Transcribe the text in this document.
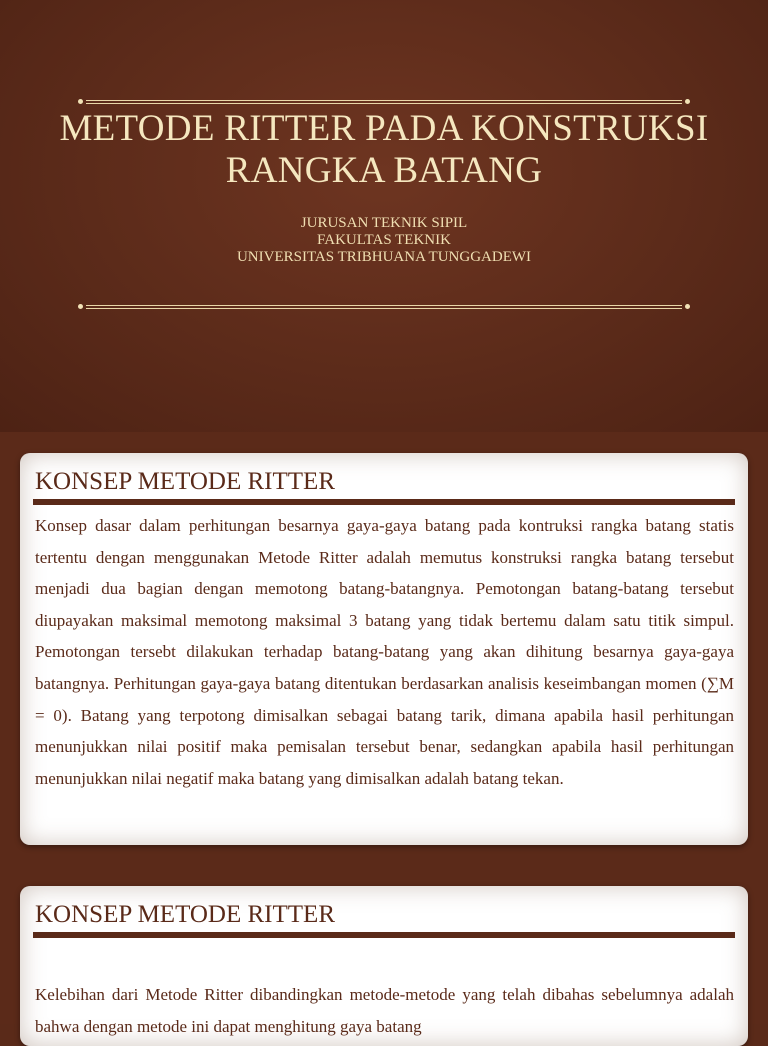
METODE RITTER PADA KONSTRUKSI RANGKA BATANG
JURUSAN TEKNIK SIPIL
FAKULTAS TEKNIK
UNIVERSITAS TRIBHUANA TUNGGADEWI
KONSEP METODE RITTER

Konsep dasar dalam perhitungan besarnya gaya-gaya batang pada kontruksi rangka batang statis tertentu dengan menggunakan Metode Ritter adalah memutus konstruksi rangka batang tersebut menjadi dua bagian dengan memotong batang-batangnya. Pemotongan batang-batang tersebut diupayakan maksimal memotong maksimal 3 batang yang tidak bertemu dalam satu titik simpul. Pemotongan tersebt dilakukan terhadap batang-batang yang akan dihitung besarnya gaya-gaya batangnya. Perhitungan gaya-gaya batang ditentukan berdasarkan analisis keseimbangan momen (∑M = 0). Batang yang terpotong dimisalkan sebagai batang tarik, dimana apabila hasil perhitungan menunjukkan nilai positif maka pemisalan tersebut benar, sedangkan apabila hasil perhitungan menunjukkan nilai negatif maka batang yang dimisalkan adalah batang tekan.

KONSEP METODE RITTER

Kelebihan dari Metode Ritter dibandingkan metode-metode yang telah dibahas sebelumnya adalah bahwa dengan metode ini dapat menghitung gaya batang
